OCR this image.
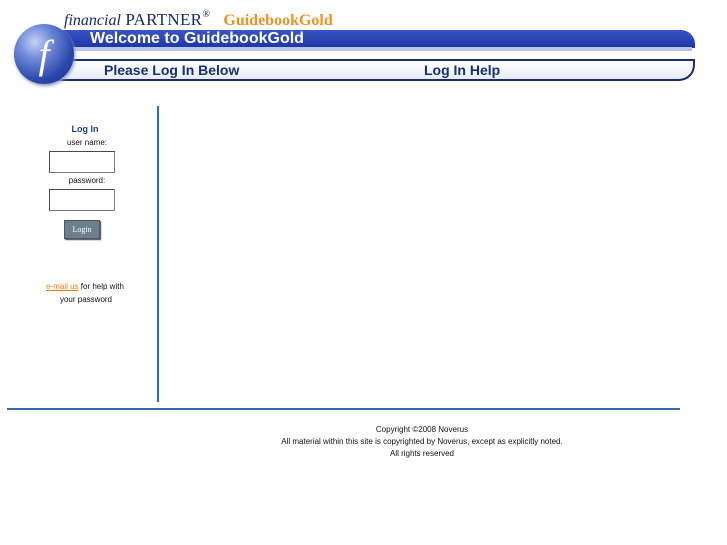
financial PARTNER® GuidebookGold
Welcome to GuidebookGold
Please Log In Below	Log In Help
f
Log In
user name:
password:
Login
e-mail us for help with
your password
Copyright ©2008 Noverus
All material within this site is copyrighted by Noverus, except as explicitly noted.
All rights reserved
